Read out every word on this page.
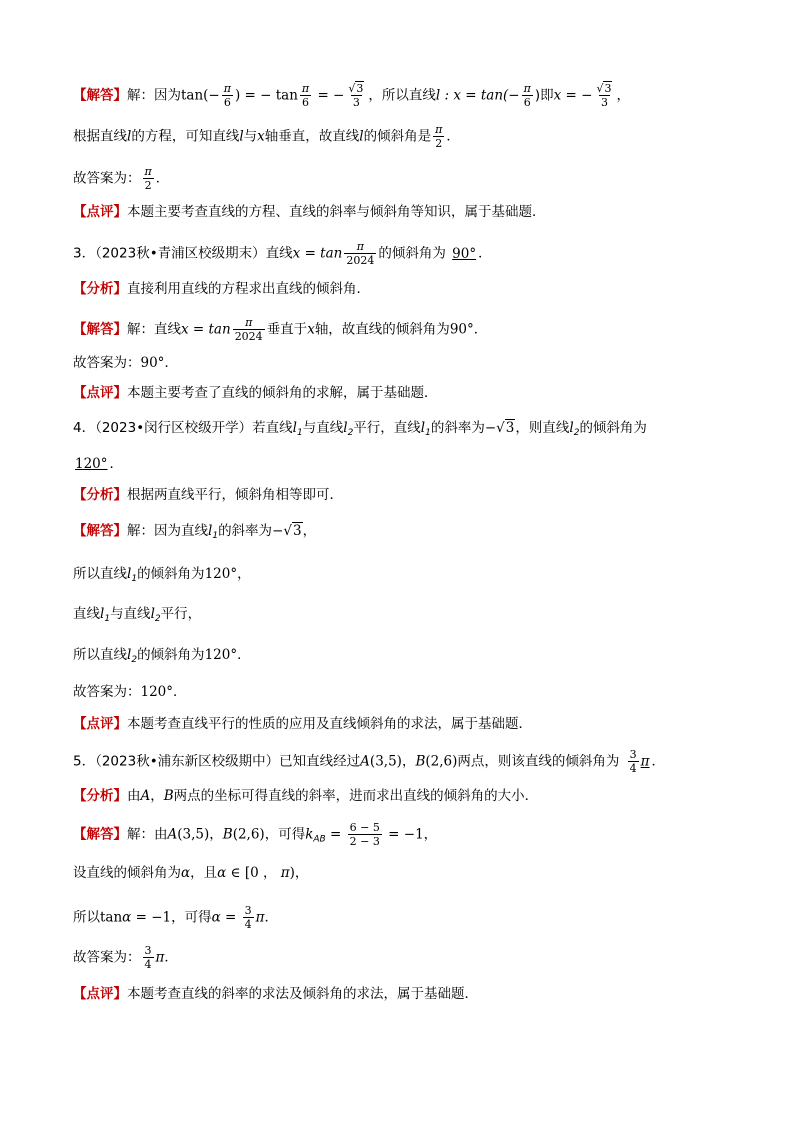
【解答】解：因为$\tan(- \frac{\pi}{6}$ ) = − $\tan \frac{\pi}{6}$ = − $\frac{√3}{3}$ ，所以直线l : $x = \tan(- \frac{\pi}{6}$ )即x = − $\frac{√3}{3}$ ，
根据直线l的方程，可知直线l与x轴垂直，故直线l的倾斜角是 $\frac{\pi}{2}$ ．
故答案为： $\frac{\pi}{2}$ ．
【点评】本题主要考查直线的方程、直线的斜率与倾斜角等知识，属于基础题．
3．（2023秋•青浦区校级期末）直线$x = \tan \frac{\pi}{2024}$ 的倾斜角为 90° ．
【分析】直接利用直线的方程求出直线的倾斜角．
【解答】解：直线$x = \tan \frac{\pi}{2024}$ 垂直于x轴，故直线的倾斜角为90°．
故答案为：90°．
【点评】本题主要考查了直线的倾斜角的求解，属于基础题．
4．（2023•闵行区校级开学）若直线$l_1$与直线$l_2$平行，直线$l_1$的斜率为−√3，则直线$l_2$的倾斜角为
120° ．
【分析】根据两直线平行，倾斜角相等即可．
【解答】解：因为直线$l_1$的斜率为−√3，
所以直线$l_1$的倾斜角为120°，
直线$l_1$与直线$l_2$平行，
所以直线$l_2$的倾斜角为120°．
故答案为：120°．
【点评】本题考查直线平行的性质的应用及直线倾斜角的求法，属于基础题．
5．（2023秋•浦东新区校级期中）已知直线经过A(3,5)，B(2,6)两点，则该直线的倾斜角为 $\frac{3}{4}$ π ．
【分析】由A，B两点的坐标可得直线的斜率，进而求出直线的倾斜角的大小．
【解答】解：由A(3,5)，B(2,6)，可得$k_{AB} = \frac{6 - 5}{2 - 3} = -1$，
设直线的倾斜角为α，且α ∈ [0 ， π)，
所以tanα = −1，可得$\alpha = \frac{3}{4}$ π．
故答案为： $\frac{3}{4}$ π．
【点评】本题考查直线的斜率的求法及倾斜角的求法，属于基础题．
